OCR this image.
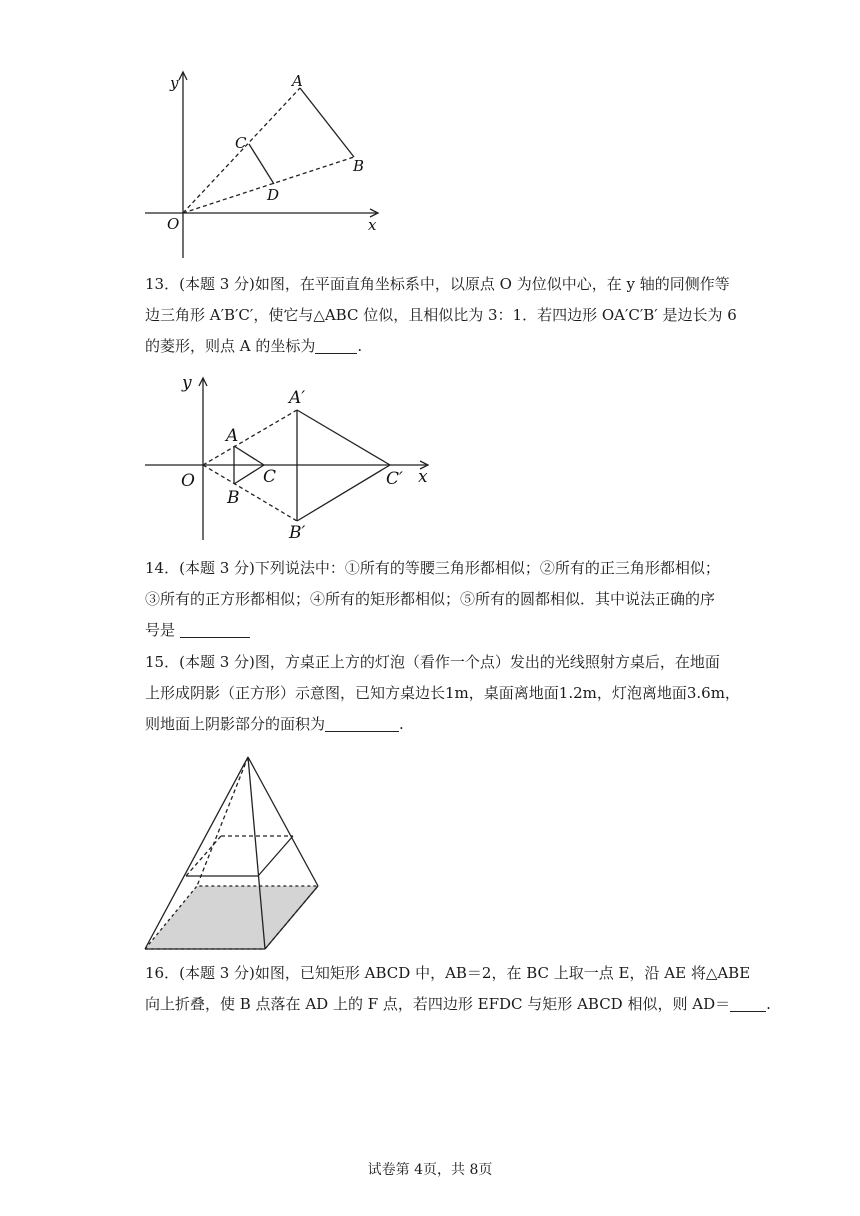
y
x
O
A
B
C
D

13．(本题 3 分)如图，在平面直角坐标系中，以原点 O 为位似中心，在 y 轴的同侧作等

边三角形 A′B′C′，使它与△ABC 位似，且相似比为 3：1．若四边形 OA′C′B′ 是边长为 6

的菱形，则点 A 的坐标为	.

y
x
O
A
B
C
A′
B′
C′

14．(本题 3 分)下列说法中：①所有的等腰三角形都相似；②所有的正三角形都相似；

③所有的正方形都相似；④所有的矩形都相似；⑤所有的圆都相似．其中说法正确的序

号是

15．(本题 3 分)图，方桌正上方的灯泡（看作一个点）发出的光线照射方桌后，在地面

上形成阴影（正方形）示意图，已知方桌边长1m，桌面离地面1.2m，灯泡离地面3.6m，

则地面上阴影部分的面积为	.

16．(本题 3 分)如图，已知矩形 ABCD 中，AB＝2，在 BC 上取一点 E，沿 AE 将△ABE

向上折叠，使 B 点落在 AD 上的 F 点，若四边形 EFDC 与矩形 ABCD 相似，则 AD＝ .

试卷第 4页，共 8页
